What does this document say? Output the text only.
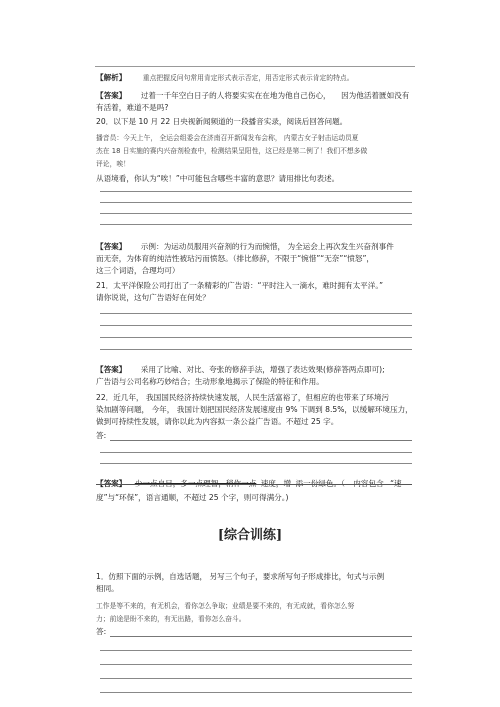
【解析】 重点把握反问句常用肯定形式表示否定，用否定形式表示肯定的特点。
【答案】 过着一千年空白日子的人将要实实在在地为他自己伤心， 因为他活着匮如没有
有活着，难道不是吗?
20．以下是 10 月 22 日央视新闻频道的一段播音实录，阅读后回答问题。
播音员：今天上午， 全运会组委会在济南召开新闻发布会称， 内蒙古女子射击运动员夏
杰在 18 日实施的赛内兴奋剂检查中，检测结果呈阳性，这已经是第二例了！我们不想多做
评论，唉！
从语境看，你认为“唉！”中可能包含哪些丰富的意思？请用排比句表述。
【答案】 示例：为运动员服用兴奋剂的行为而惋惜， 为全运会上再次发生兴奋剂事件
而无奈，为体育的纯洁性被玷污而愤怒。（排比修辞，不限于“惋惜”“无奈”“愤怒”，
这三个词语，合理均可）
21．太平洋保险公司打出了一条精彩的广告语：“平时注入一滴水，难时拥有太平洋。”
请你说说，这句广告语好在何处？
【答案】 采用了比喻、对比、夸张的修辞手法，增强了表达效果(修辞答两点即可);
广告语与公司名称巧妙结合；生动形象地揭示了保险的特征和作用。
22．近几年， 我国国民经济持续快速发展，人民生活富裕了，但相应的也带来了环境污
染加剧等问题， 今年， 我国计划把国民经济发展速度由 9% 下调到 8.5%，以缓解环境压力，
做到可持续性发展，请你以此为内容拟一条公益广告语。不超过 25 字。
答:
【答案】 少一点自目，多一点理智，稍作一点 速度，增 添一份绿色。（ 内容包含 “速
度”与“环保”，语言通顺，不超过 25 个字，则可得满分。)
[综合训练]
1．仿照下面的示例，自选话题， 另写三个句子，要求所写句子形成排比，句式与示例
相同。
工作是等不来的，有无机会，看你怎么争取；业绩是要不来的，有无成就，看你怎么努
力；前途是盼不来的，有无出路，看你怎么奋斗。
答:
